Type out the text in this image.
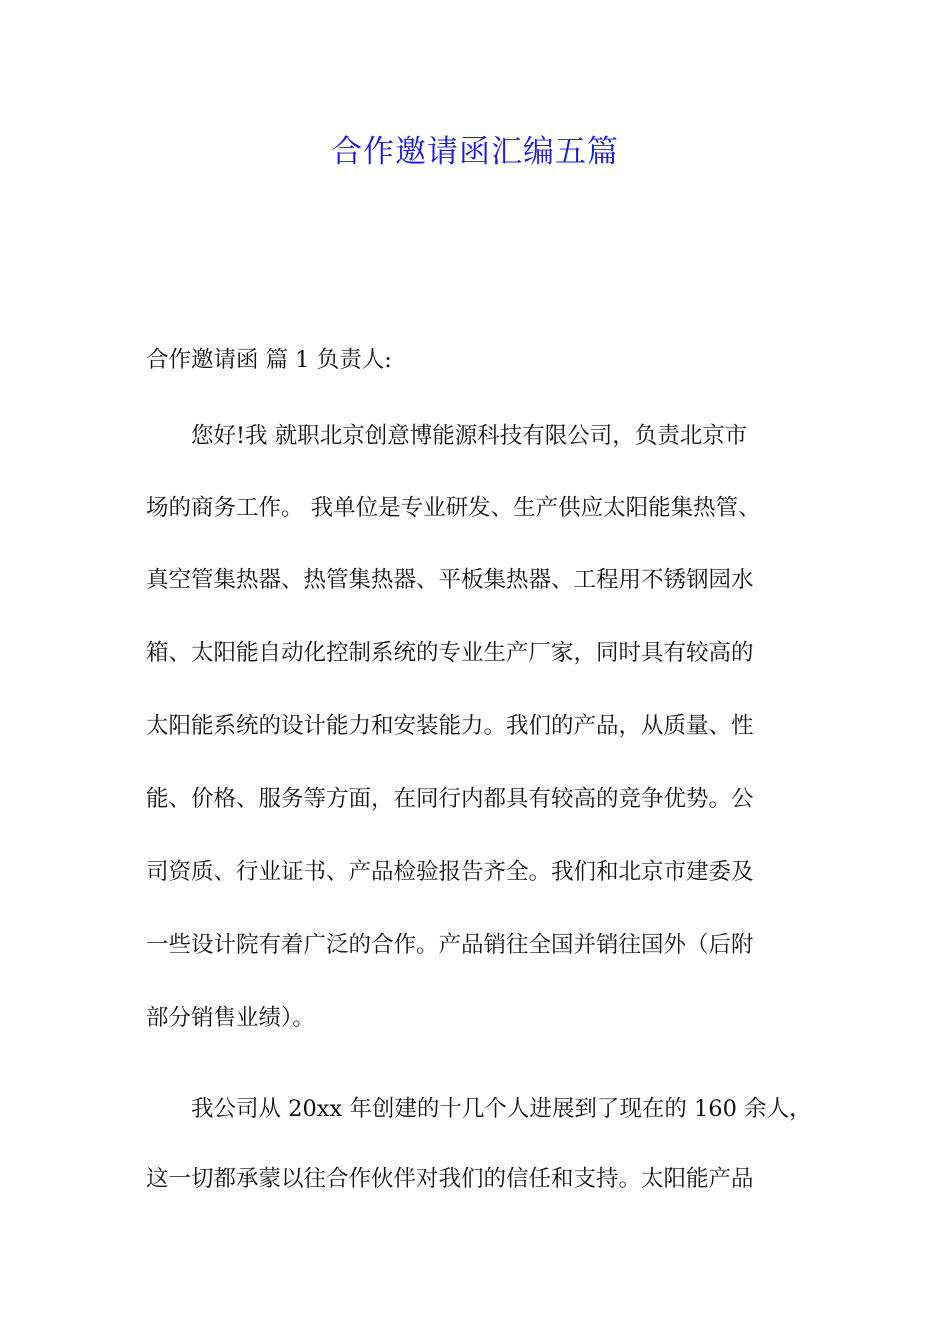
合作邀请函汇编五篇
合作邀请函 篇 1 负责人:
　　您好!我 就职北京创意博能源科技有限公司，负责北京市
场的商务工作。 我单位是专业研发、生产供应太阳能集热管、
真空管集热器、热管集热器、平板集热器、工程用不锈钢园水
箱、太阳能自动化控制系统的专业生产厂家，同时具有较高的
太阳能系统的设计能力和安装能力。我们的产品，从质量、性
能、价格、服务等方面，在同行内都具有较高的竞争优势。公
司资质、行业证书、产品检验报告齐全。我们和北京市建委及
一些设计院有着广泛的合作。产品销往全国并销往国外（后附
部分销售业绩）。
　　我公司从 20xx 年创建的十几个人进展到了现在的 160 余人，
这一切都承蒙以往合作伙伴对我们的信任和支持。太阳能产品
